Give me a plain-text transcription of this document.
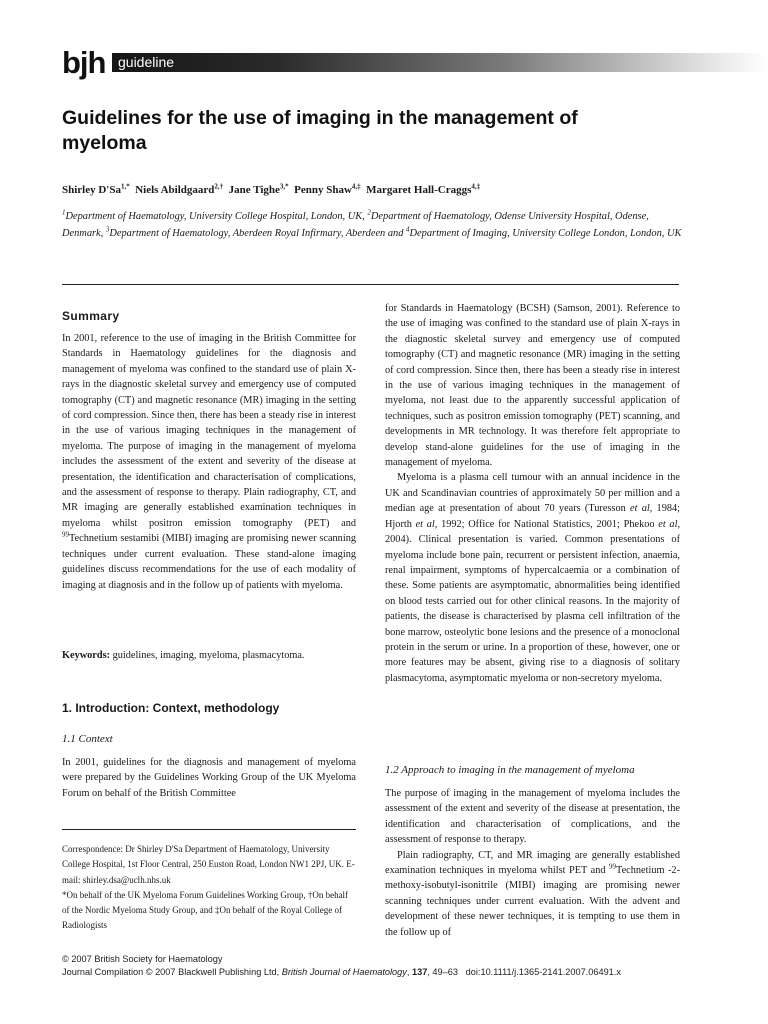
bjh guideline
Guidelines for the use of imaging in the management of myeloma
Shirley $D'Sa^{1,*}$ Niels Abildgaard$^{2,\dagger}$ Jane Tighe$^{3,*}$ Penny Shaw$^{4,\ddagger}$ Margaret Hall-Craggs$^{4,\ddagger}$
$^1$Department of Haematology, University College Hospital, London, UK, $^2$Department of Haematology, Odense University Hospital, Odense, Denmark, $^3$Department of Haematology, Aberdeen Royal Infirmary, Aberdeen and $^4$Department of Imaging, University College London, London, UK
Summary

In 2001, reference to the use of imaging in the British Committee for Standards in Haematology guidelines for the diagnosis and management of myeloma was confined to the standard use of plain X-rays in the diagnostic skeletal survey and emergency use of computed tomography (CT) and magnetic resonance (MR) imaging in the setting of cord compression. Since then, there has been a steady rise in interest in the use of various imaging techniques in the management of myeloma. The purpose of imaging in the management of myeloma includes the assessment of the extent and severity of the disease at presentation, the identification and characterisation of complications, and the assessment of response to therapy. Plain radiography, CT, and MR imaging are generally established examination techniques in myeloma whilst positron emission tomography (PET) and $^{99}$Technetium sestamibi (MIBI) imaging are promising newer scanning techniques under current evaluation. These stand-alone imaging guidelines discuss recommendations for the use of each modality of imaging at diagnosis and in the follow up of patients with myeloma.

Keywords: guidelines, imaging, myeloma, plasmacytoma.

1. Introduction: Context, methodology
1.1 Context

In 2001, guidelines for the diagnosis and management of myeloma were prepared by the Guidelines Working Group of the UK Myeloma Forum on behalf of the British Committee

Correspondence: Dr Shirley D'Sa Department of Haematology, University College Hospital, 1st Floor Central, 250 Euston Road, London NW1 2PJ, UK. E-mail: shirley.dsa@uclh.nhs.uk

*On behalf of the UK Myeloma Forum Guidelines Working Group, †On behalf of the Nordic Myeloma Study Group, and ‡On behalf of the Royal College of Radiologists

for Standards in Haematology (BCSH) (Samson, 2001). Reference to the use of imaging was confined to the standard use of plain X-rays in the diagnostic skeletal survey and emergency use of computed tomography (CT) and magnetic resonance (MR) imaging in the setting of cord compression. Since then, there has been a steady rise in interest in the use of various imaging techniques in the management of myeloma, not least due to the apparently successful application of techniques, such as positron emission tomography (PET) scanning, and developments in MR technology. It was therefore felt appropriate to develop stand-alone guidelines for the use of imaging in the management of myeloma.

Myeloma is a plasma cell tumour with an annual incidence in the UK and Scandinavian countries of approximately 50 per million and a median age at presentation of about 70 years (Turesson et al, 1984; Hjorth et al, 1992; Office for National Statistics, 2001; Phekoo et al, 2004). Clinical presentation is varied. Common presentations of myeloma include bone pain, recurrent or persistent infection, anaemia, renal impairment, symptoms of hypercalcaemia or a combination of these. Some patients are asymptomatic, abnormalities being identified on blood tests carried out for other clinical reasons. In the majority of patients, the disease is characterised by plasma cell infiltration of the bone marrow, osteolytic bone lesions and the presence of a monoclonal protein in the serum or urine. In a proportion of these, however, one or more features may be absent, giving rise to a diagnosis of solitary plasmacytoma, asymptomatic myeloma or non-secretory myeloma.

1.2 Approach to imaging in the management of myeloma

The purpose of imaging in the management of myeloma includes the assessment of the extent and severity of the disease at presentation, the identification and characterisation of complications, and the assessment of response to therapy.

Plain radiography, CT, and MR imaging are generally established examination techniques in myeloma whilst PET and $^{99}$Technetium -2-methoxy-isobutyl-isonitrile (MIBI) imaging are promising newer scanning techniques under current evaluation. With the advent and development of these newer techniques, it is tempting to use them in the follow up of

© 2007 British Society for Haematology

Journal Compilation © 2007 Blackwell Publishing Ltd, British Journal of Haematology, 137, 49–63 doi:10.1111/j.1365-2141.2007.06491.x
